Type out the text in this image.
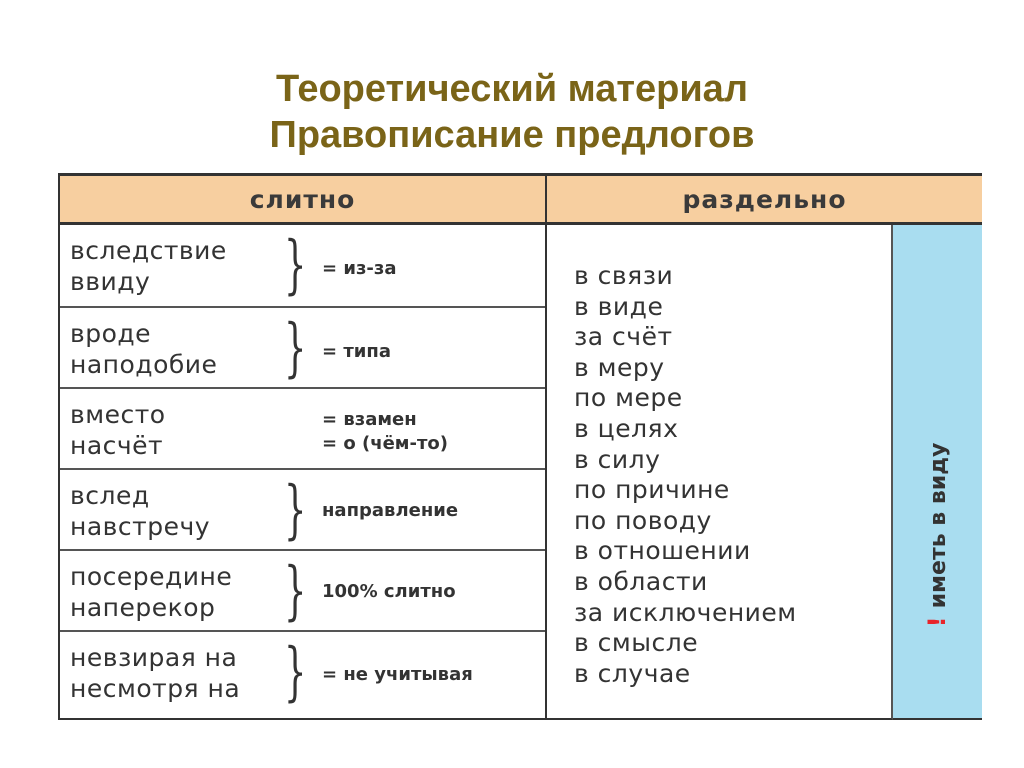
Теоретический материал
Правописание предлогов
слитно	раздельно
вследствие
ввиду } = из-за
вроде
наподобие } = типа
вместо
насчёт
= взамен
= о (чём-то)
вслед
навстречу } направление
посередине
наперекор } 100% слитно
невзирая на
несмотря на } = не учитывая
в связи
в виде
за счёт
в меру
по мере
в целях
в силу
по причине
по поводу
в отношении
в области
за исключением
в смысле
в случае
!иметь в виду
